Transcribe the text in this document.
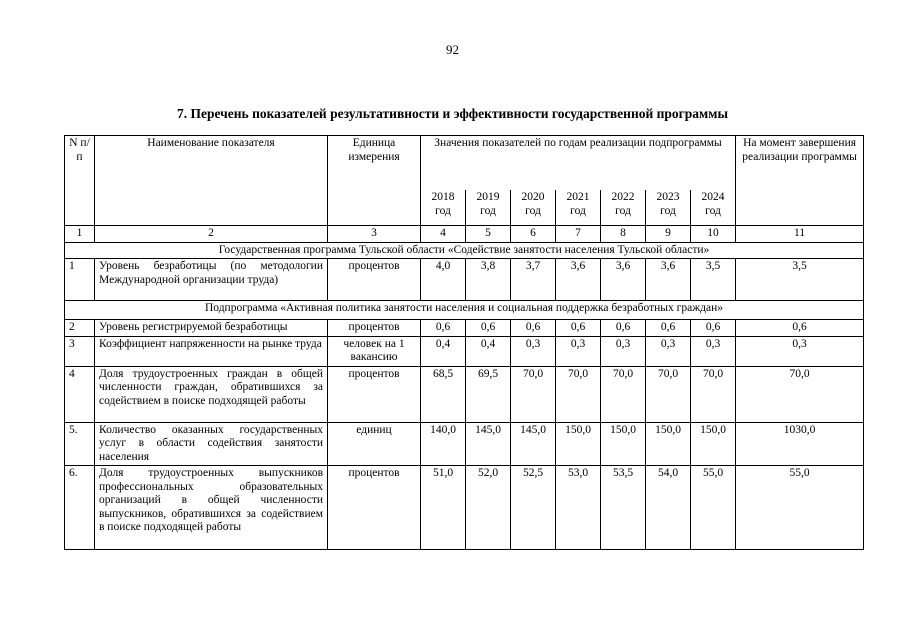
92
7. Перечень показателей результативности и эффективности государственной программы
N п/п	Наименование показателя	Единица измерения	Значения показателей по годам реализации подпрограммы							На момент завершения реализации программы
			2018 год	2019 год	2020 год	2021 год	2022 год	2023 год	2024 год	
1	2	3	4	5	6	7	8	9	10	11
Государственная программа Тульской области «Содействие занятости населения Тульской области»										
1	Уровень безработицы (по методологии Международной организации труда)	процентов	4,0	3,8	3,7	3,6	3,6	3,6	3,5	3,5
Подпрограмма «Активная политика занятости населения и социальная поддержка безработных граждан»										
2	Уровень регистрируемой безработицы	процентов	0,6	0,6	0,6	0,6	0,6	0,6	0,6	0,6
3	Коэффициент напряженности на рынке труда	человек на 1 вакансию	0,4	0,4	0,3	0,3	0,3	0,3	0,3	0,3
4	Доля трудоустроенных граждан в общей численности граждан, обратившихся за содействием в поиске подходящей работы	процентов	68,5	69,5	70,0	70,0	70,0	70,0	70,0	70,0
5.	Количество оказанных государственных услуг в области содействия занятости населения	единиц	140,0	145,0	145,0	150,0	150,0	150,0	150,0	1030,0
6.	Доля трудоустроенных выпускников профессиональных образовательных организаций в общей численности выпускников, обратившихся за содействием в поиске подходящей работы	процентов	51,0	52,0	52,5	53,0	53,5	54,0	55,0	55,0
